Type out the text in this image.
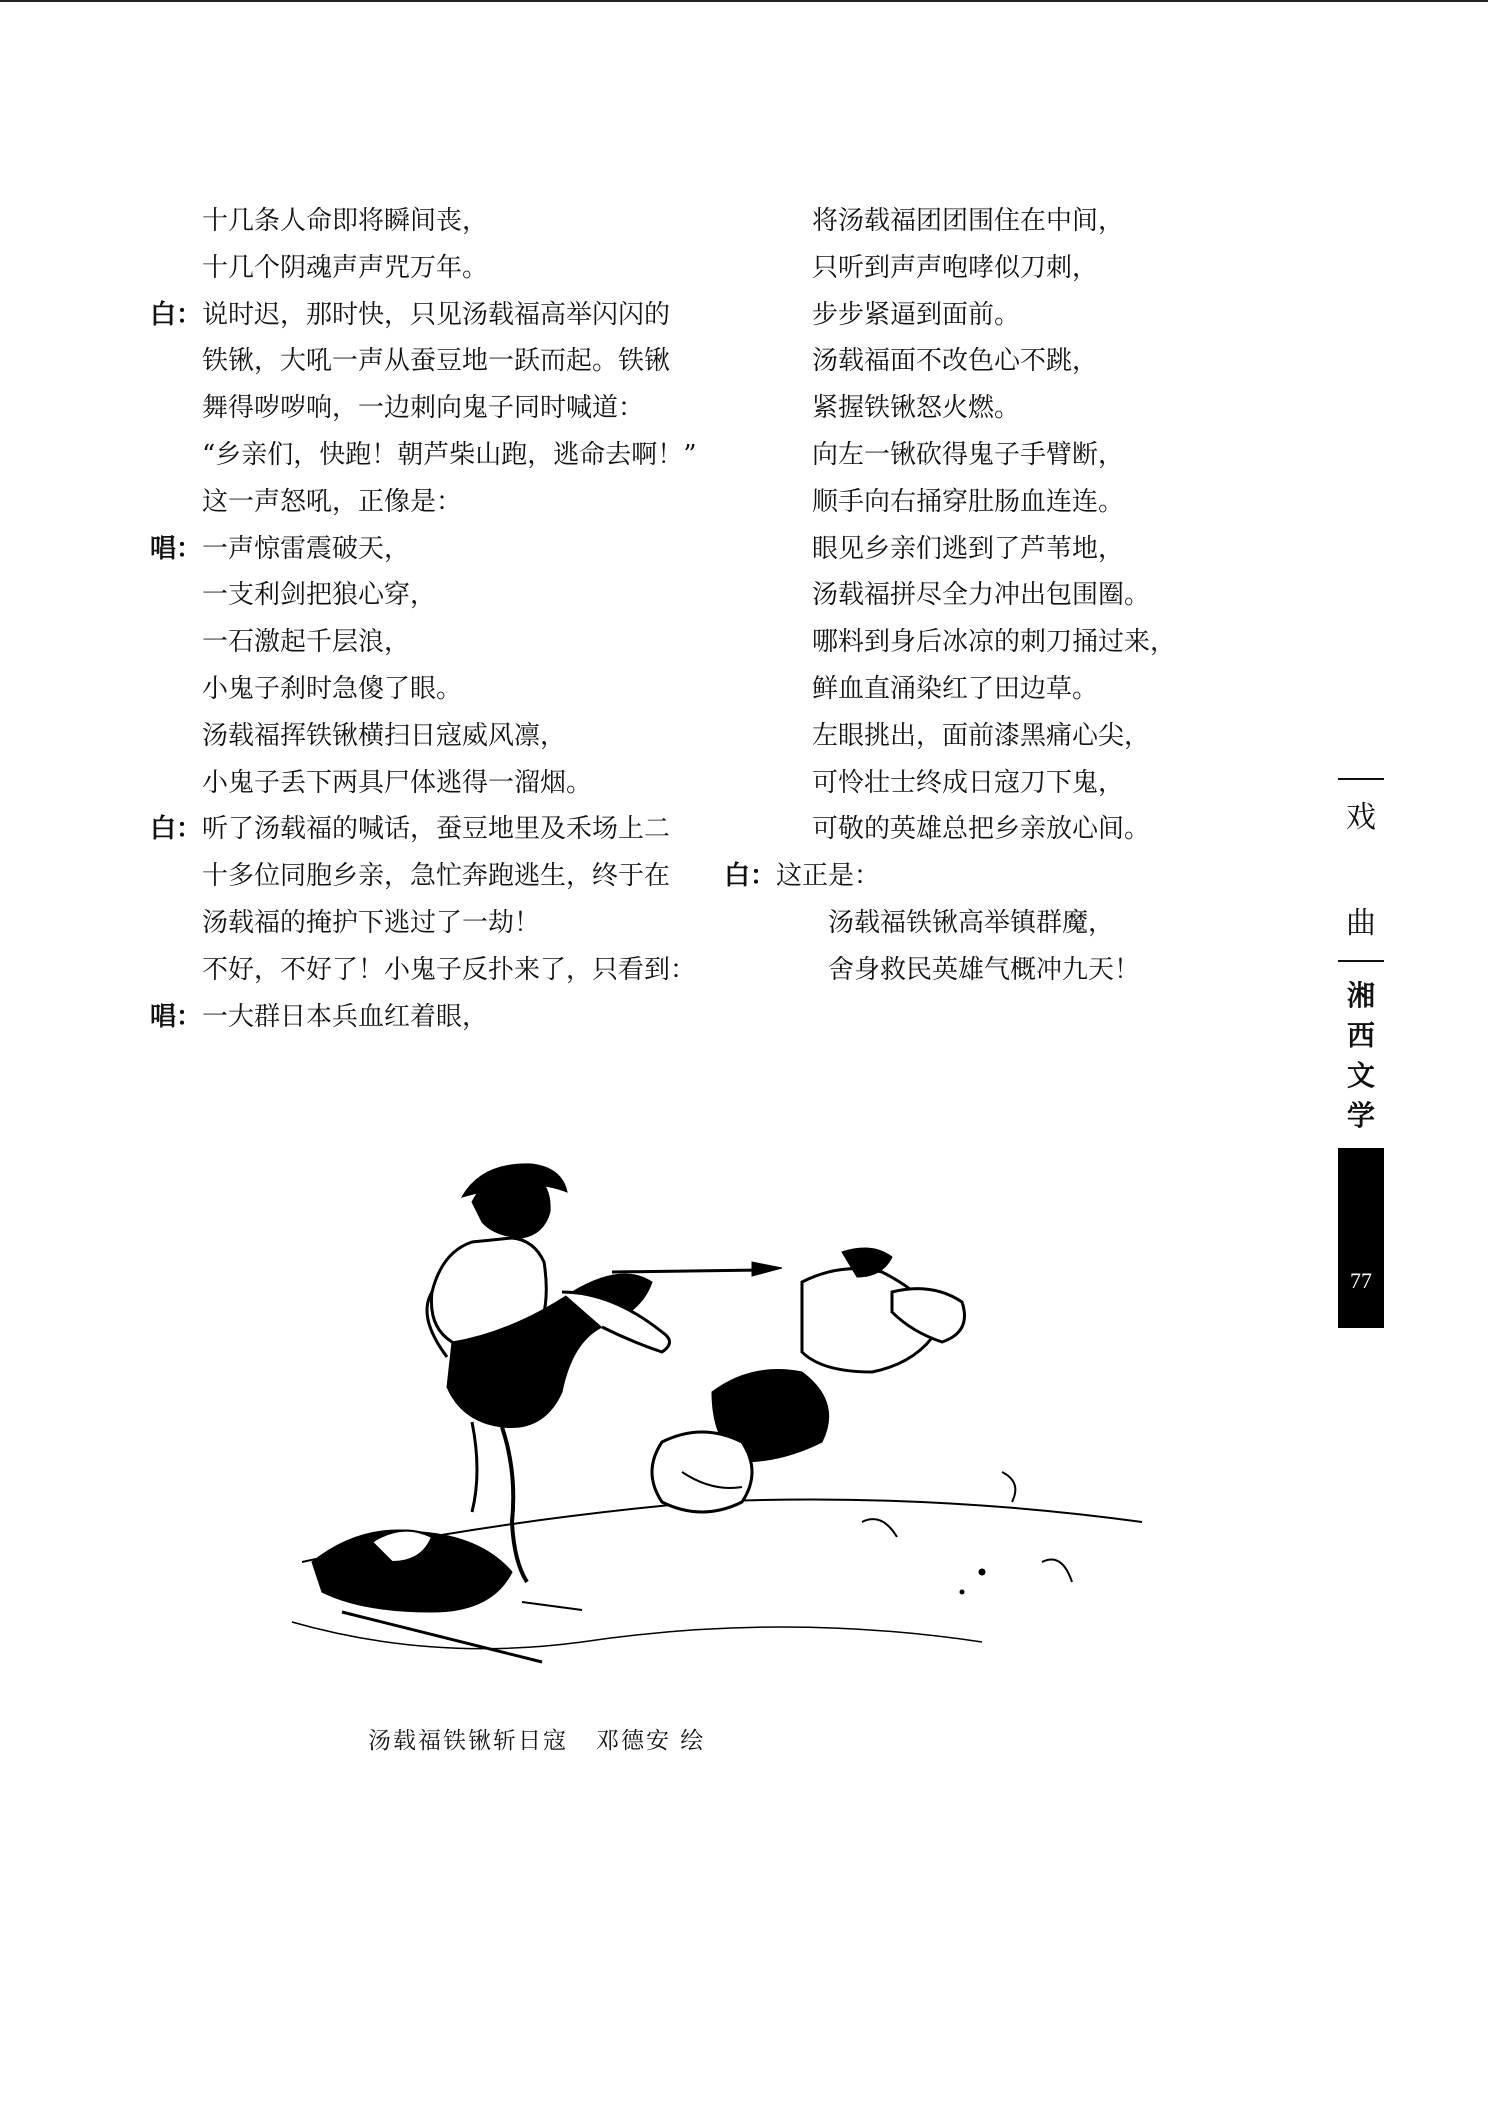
十几条人命即将瞬间丧，
十几个阴魂声声咒万年。
白： 说时迟，那时快，只见汤载福高举闪闪的
铁锹，大吼一声从蚕豆地一跃而起。铁锹
舞得哕哕响，一边刺向鬼子同时喊道：
“乡亲们，快跑！朝芦柴山跑，逃命去啊！”
这一声怒吼，正像是：
唱： 一声惊雷震破天，
一支利剑把狼心穿，
一石激起千层浪，
小鬼子刹时急傻了眼。
汤载福挥铁锹横扫日寇威风凛，
小鬼子丢下两具尸体逃得一溜烟。
白： 听了汤载福的喊话，蚕豆地里及禾场上二
十多位同胞乡亲，急忙奔跑逃生，终于在
汤载福的掩护下逃过了一劫！
不好，不好了！小鬼子反扑来了，只看到：
唱： 一大群日本兵血红着眼，
将汤载福团团围住在中间，
只听到声声咆哮似刀刺，
步步紧逼到面前。
汤载福面不改色心不跳，
紧握铁锹怒火燃。
向左一锹砍得鬼子手臂断，
顺手向右捅穿肚肠血连连。
眼见乡亲们逃到了芦苇地，
汤载福拼尽全力冲出包围圈。
哪料到身后冰凉的刺刀捅过来，
鲜血直涌染红了田边草。
左眼挑出，面前漆黑痛心尖，
可怜壮士终成日寇刀下鬼，
可敬的英雄总把乡亲放心间。
白： 这正是：
汤载福铁锹高举镇群魔，
舍身救民英雄气概冲九天！
戏
曲
湘
西
文
学
77
汤载福铁锹斩日寇 邓德安 绘
